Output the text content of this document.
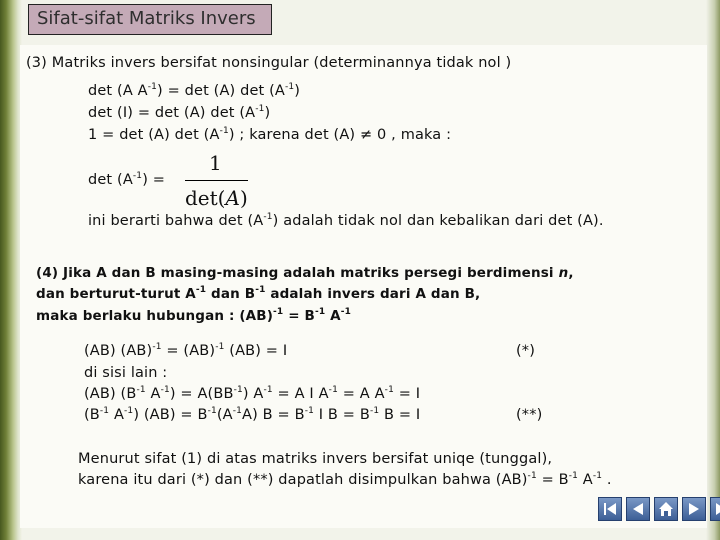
Sifat-sifat Matriks Invers
(3) Matriks invers bersifat nonsingular (determinannya tidak nol )
det (A $A^{-1}) = \det (A)$ $\det (A^{-1})$
det (I) = det (A) $\det (A^{-1})$
1 = det (A) $\det (A^{-1})$ ; karena det (A) ≠ 0 , maka :
$\det (A^{-1})$ =
1
det(A)
ini berarti bahwa $\det (A^{-1})$ adalah tidak nol dan kebalikan dari det (A).
(4) Jika A dan B masing-masing adalah matriks persegi berdimensi n,
dan berturut-turut $A^{-1}$ dan $B^{-1}$ adalah invers dari A dan B,
maka berlaku hubungan : $(AB)^{-1} = B^{-1}$ $A^{-1}$
(AB) (AB)$^{-1}$ = (AB)$^{-1}$ (AB) = I	(*)
di sisi lain :
(AB) ($B^{-1}$ $A^{-1}) = A(BB^{-1})$ $A^{-1} = A$ I $A^{-1} = A$ $A^{-1} = I$
($B^{-1}$ $A^{-1}$) $(AB) = B^{-1}(A^{-1}A) B = B^{-1}$ I $B = B^{-1}$ B = I	(**)
Menurut sifat (1) di atas matriks invers bersifat uniqe (tunggal),
karena itu dari (*) dan (**) dapatlah disimpulkan bahwa $(AB)^{-1} = B^{-1}$ $A^{-1}$ .
